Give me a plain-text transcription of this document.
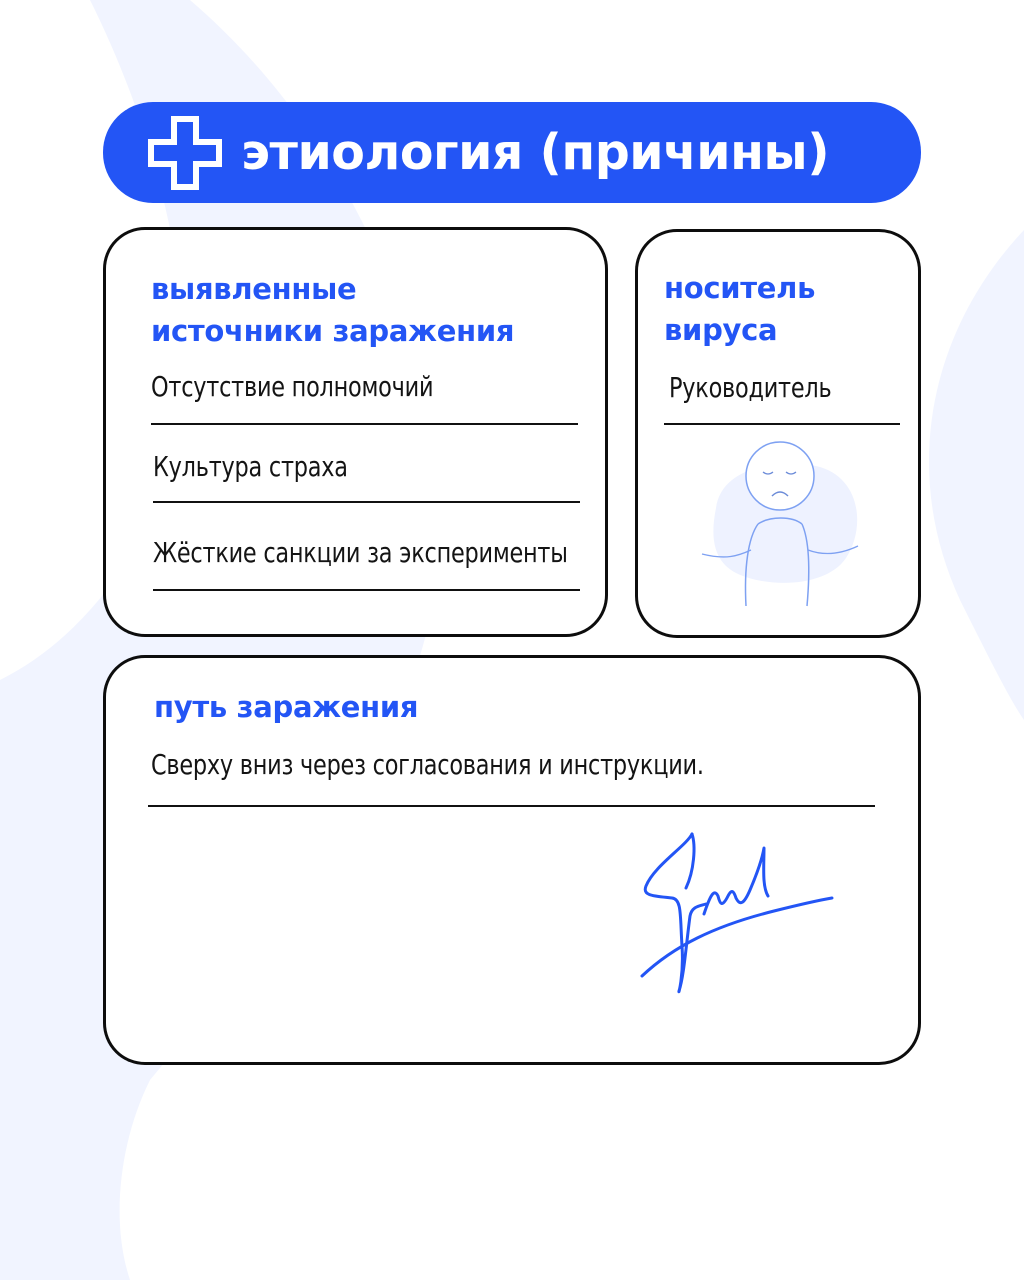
этиология (причины)
выявленные
источники заражения
Отсутствие полномочий
Культура страха
Жёсткие санкции за эксперименты
носитель
вируса
Руководитель
путь заражения
Сверху вниз через согласования и инструкции.
